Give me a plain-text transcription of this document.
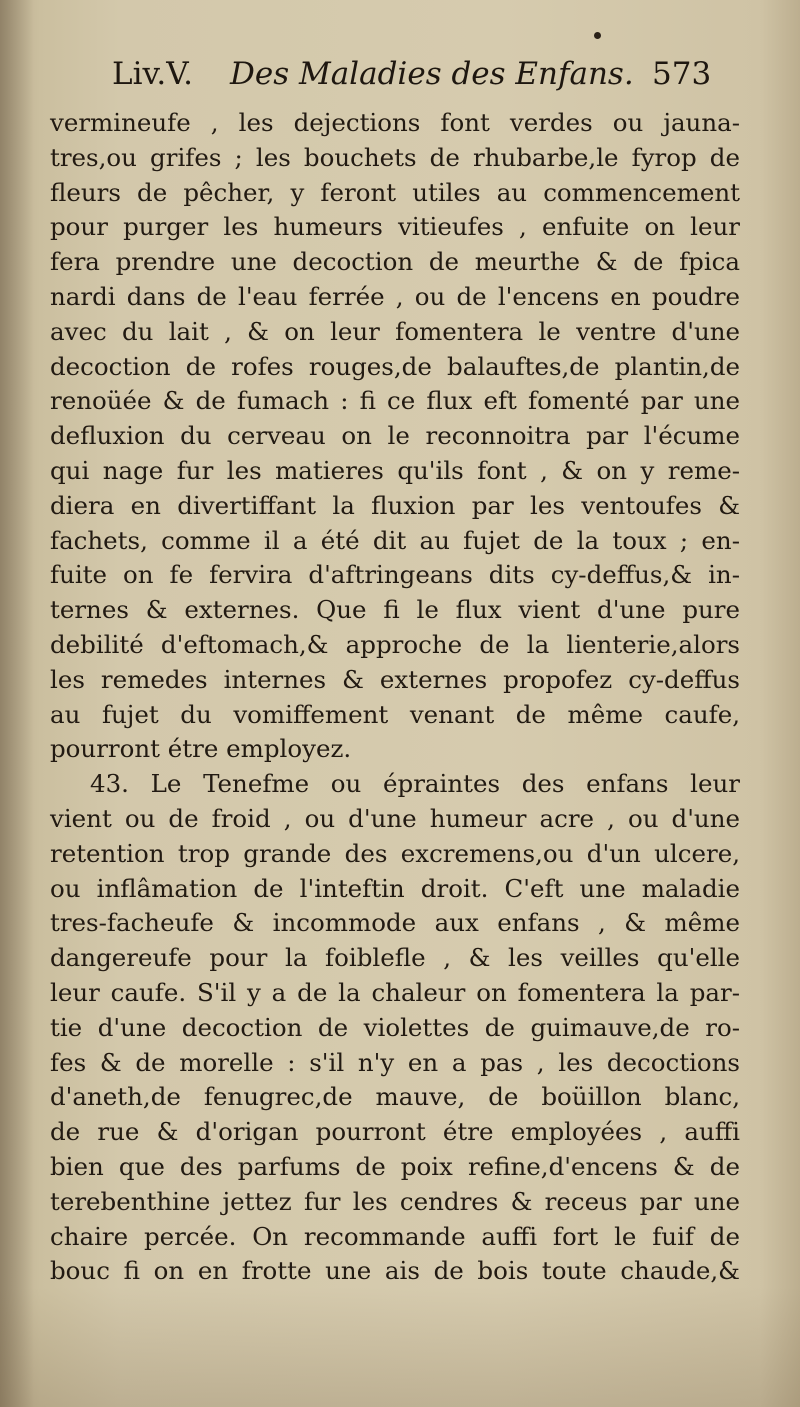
Liv.V. Des Maladies des Enfans. 573
vermineufe , les dejections font verdes ou jauna-
tres,ou grifes ; les bouchets de rhubarbe,le fyrop de
fleurs de pêcher, y feront utiles au commencement
pour purger les humeurs vitieufes , enfuite on leur
fera prendre une decoction de meurthe & de fpica
nardi dans de l'eau ferrée , ou de l'encens en poudre
avec du lait , & on leur fomentera le ventre d'une
decoction de rofes rouges,de balauftes,de plantin,de
renoüée & de fumach : fi ce flux eft fomenté par une
defluxion du cerveau on le reconnoitra par l'écume
qui nage fur les matieres qu'ils font , & on y reme-
diera en divertiffant la fluxion par les ventoufes &
fachets, comme il a été dit au fujet de la toux ; en-
fuite on fe fervira d'aftringeans dits cy-deffus,& in-
ternes & externes. Que fi le flux vient d'une pure
debilité d'eftomach,& approche de la lienterie,alors
les remedes internes & externes propofez cy-deffus
au fujet du vomiffement venant de même caufe,
pourront étre employez.
43. Le Tenefme ou épraintes des enfans leur
vient ou de froid , ou d'une humeur acre , ou d'une
retention trop grande des excremens,ou d'un ulcere,
ou inflâmation de l'inteftin droit. C'eft une maladie
tres-facheufe & incommode aux enfans , & même
dangereufe pour la foiblefle , & les veilles qu'elle
leur caufe. S'il y a de la chaleur on fomentera la par-
tie d'une decoction de violettes de guimauve,de ro-
fes & de morelle : s'il n'y en a pas , les decoctions
d'aneth,de fenugrec,de mauve, de boüillon blanc,
de rue & d'origan pourront étre employées , auffi
bien que des parfums de poix refine,d'encens & de
terebenthine jettez fur les cendres & receus par une
chaire percée. On recommande auffi fort le fuif de
bouc fi on en frotte une ais de bois toute chaude,&
